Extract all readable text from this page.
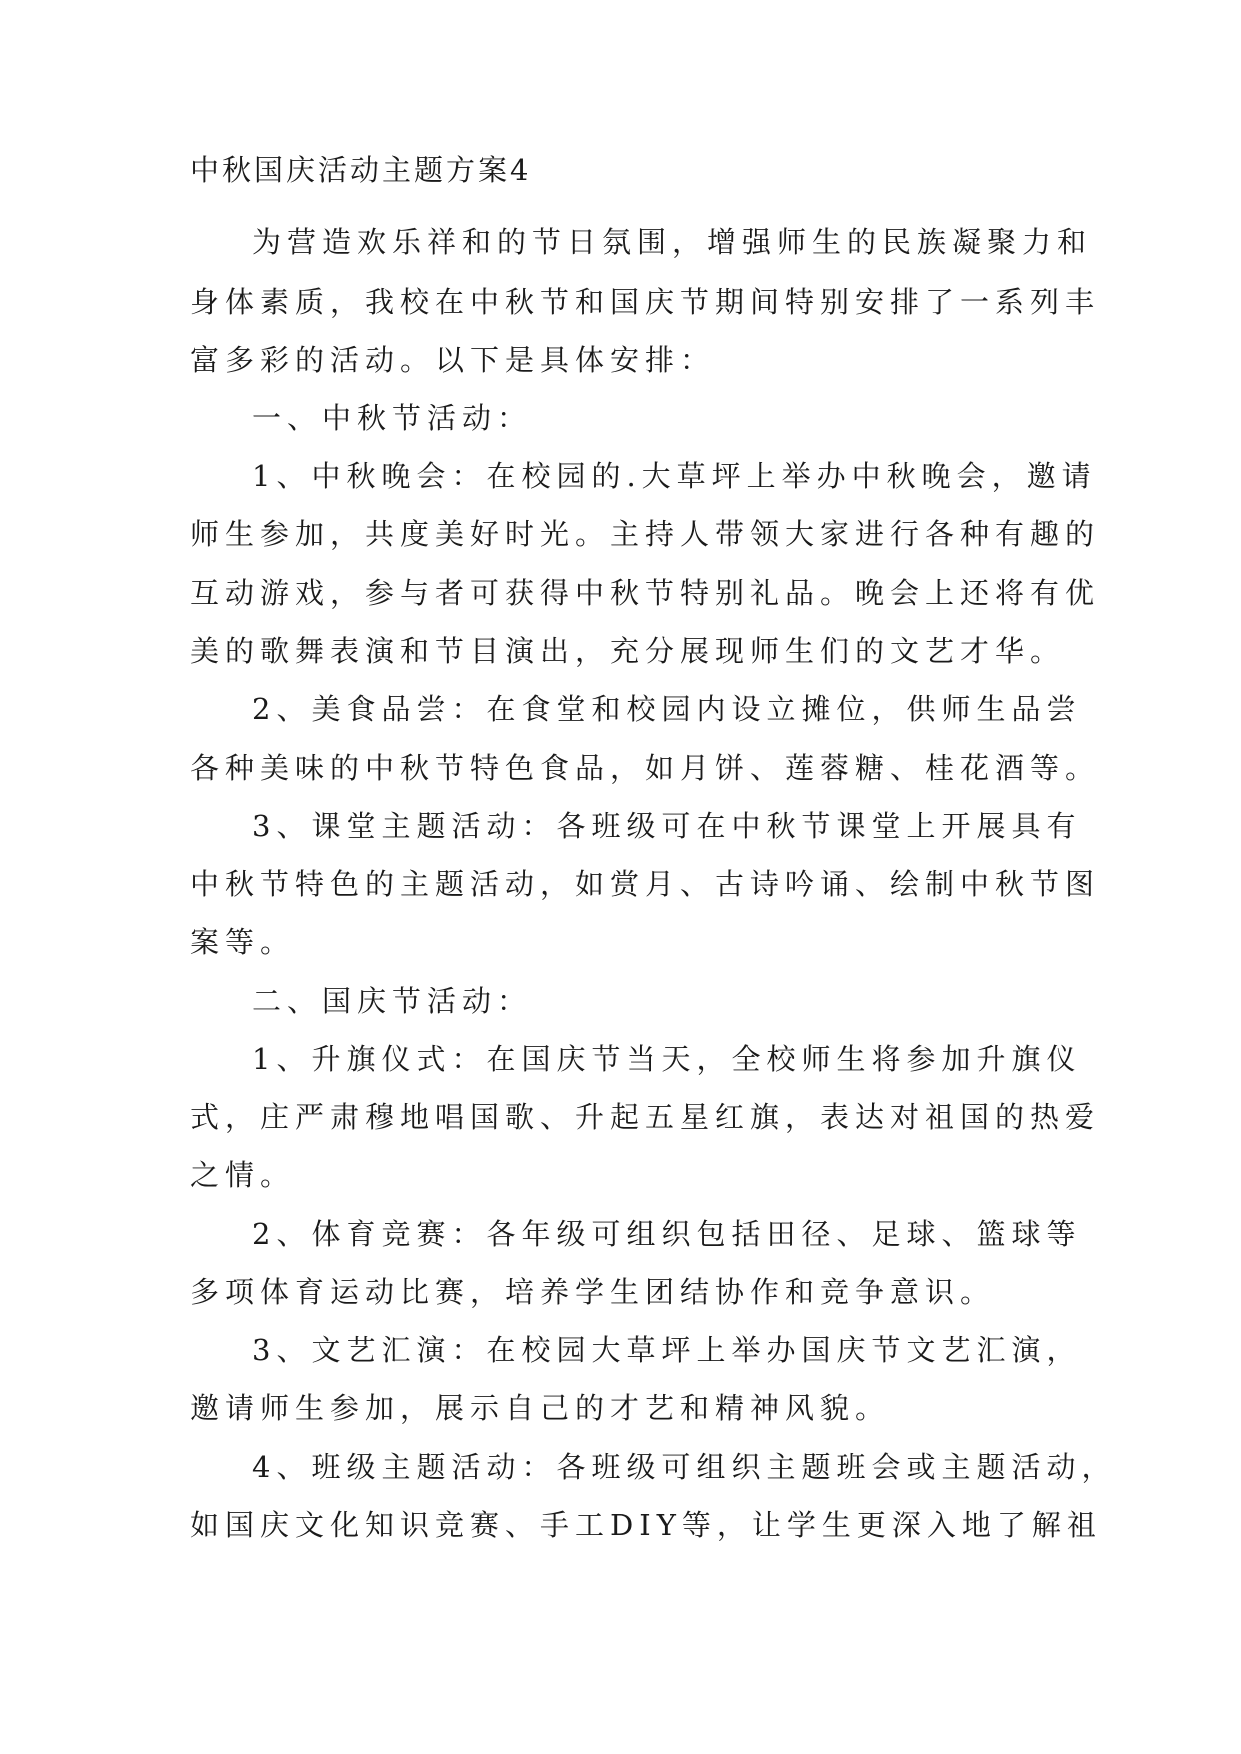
中秋国庆活动主题方案4
为营造欢乐祥和的节日氛围，增强师生的民族凝聚力和
身体素质，我校在中秋节和国庆节期间特别安排了一系列丰
富多彩的活动。以下是具体安排：
一、中秋节活动：
1、中秋晚会：在校园的.大草坪上举办中秋晚会，邀请
师生参加，共度美好时光。主持人带领大家进行各种有趣的
互动游戏，参与者可获得中秋节特别礼品。晚会上还将有优
美的歌舞表演和节目演出，充分展现师生们的文艺才华。
2、美食品尝：在食堂和校园内设立摊位，供师生品尝
各种美味的中秋节特色食品，如月饼、莲蓉糖、桂花酒等。
3、课堂主题活动：各班级可在中秋节课堂上开展具有
中秋节特色的主题活动，如赏月、古诗吟诵、绘制中秋节图
案等。
二、国庆节活动：
1、升旗仪式：在国庆节当天，全校师生将参加升旗仪
式，庄严肃穆地唱国歌、升起五星红旗，表达对祖国的热爱
之情。
2、体育竞赛：各年级可组织包括田径、足球、篮球等
多项体育运动比赛，培养学生团结协作和竞争意识。
3、文艺汇演：在校园大草坪上举办国庆节文艺汇演，
邀请师生参加，展示自己的才艺和精神风貌。
4、班级主题活动：各班级可组织主题班会或主题活动，
如国庆文化知识竞赛、手工DIY等，让学生更深入地了解祖
